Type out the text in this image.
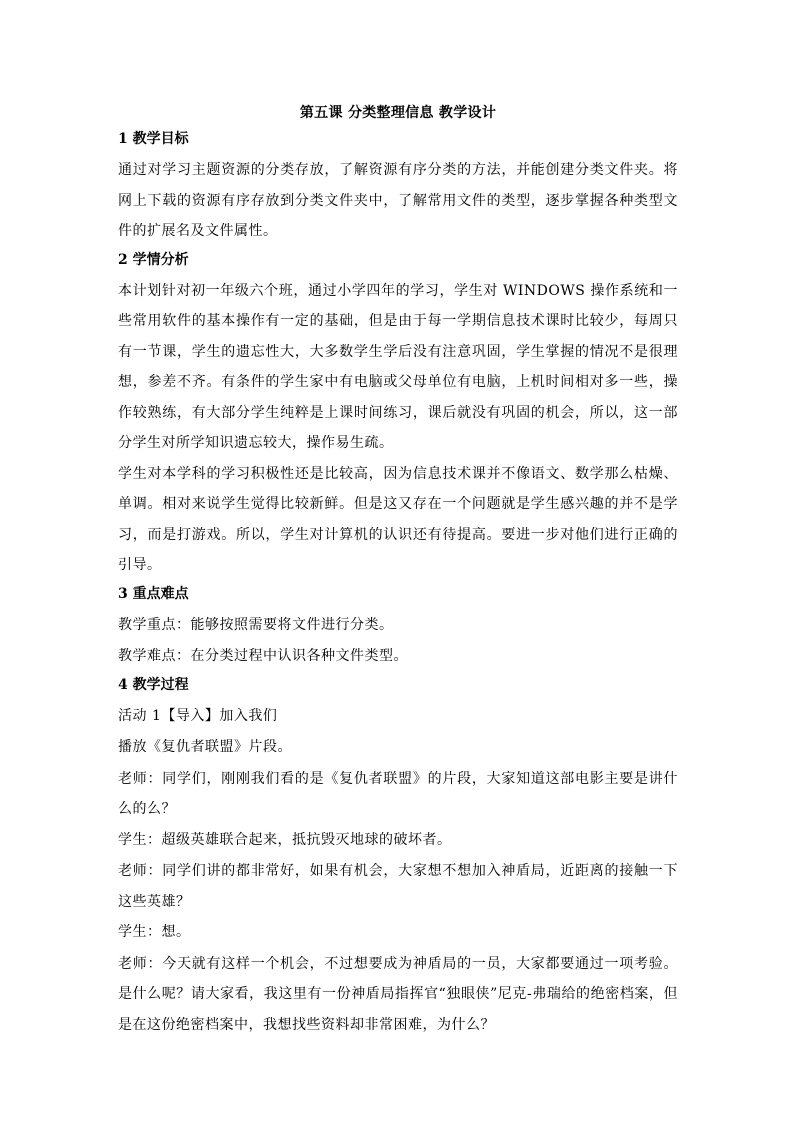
第五课 分类整理信息 教学设计
1 教学目标

通过对学习主题资源的分类存放，了解资源有序分类的方法，并能创建分类文件夹。将网上下载的资源有序存放到分类文件夹中，了解常用文件的类型，逐步掌握各种类型文件的扩展名及文件属性。

2 学情分析

本计划针对初一年级六个班，通过小学四年的学习，学生对 WINDOWS 操作系统和一些常用软件的基本操作有一定的基础，但是由于每一学期信息技术课时比较少，每周只有一节课，学生的遗忘性大，大多数学生学后没有注意巩固，学生掌握的情况不是很理想，参差不齐。有条件的学生家中有电脑或父母单位有电脑，上机时间相对多一些，操作较熟练，有大部分学生纯粹是上课时间练习，课后就没有巩固的机会，所以，这一部分学生对所学知识遗忘较大，操作易生疏。

学生对本学科的学习积极性还是比较高，因为信息技术课并不像语文、数学那么枯燥、单调。相对来说学生觉得比较新鲜。但是这又存在一个问题就是学生感兴趣的并不是学习，而是打游戏。所以，学生对计算机的认识还有待提高。要进一步对他们进行正确的引导。

3 重点难点

教学重点：能够按照需要将文件进行分类。

教学难点：在分类过程中认识各种文件类型。

4 教学过程

活动 1【导入】加入我们

播放《复仇者联盟》片段。

老师：同学们，刚刚我们看的是《复仇者联盟》的片段，大家知道这部电影主要是讲什么的么？

学生：超级英雄联合起来，抵抗毁灭地球的破坏者。

老师：同学们讲的都非常好，如果有机会，大家想不想加入神盾局，近距离的接触一下这些英雄？

学生：想。

老师：今天就有这样一个机会，不过想要成为神盾局的一员，大家都要通过一项考验。是什么呢？请大家看，我这里有一份神盾局指挥官“独眼侠”尼克-弗瑞给的绝密档案，但是在这份绝密档案中，我想找些资料却非常困难，为什么？
